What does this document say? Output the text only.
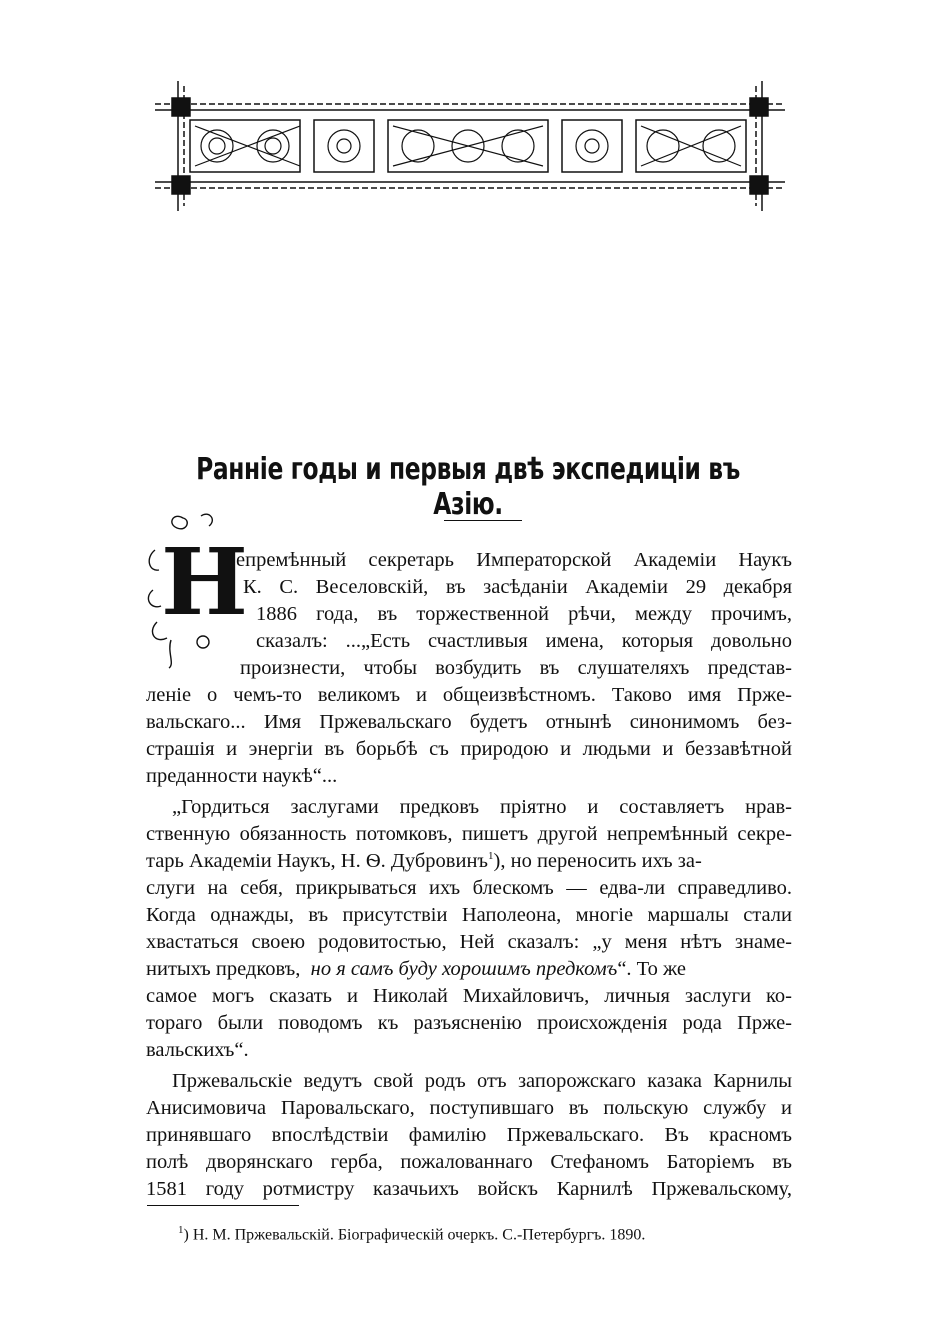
Ранніе годы и первыя двѣ экспедиціи въ Азію.
Н
епремѣнный секретарь Императорской Академіи Наукъ
К. С. Веселовскій, въ засѣданіи Академіи 29 декабря
1886 года, въ торжественной рѣчи, между прочимъ,
сказалъ: ...„Есть счастливыя имена, которыя довольно
произнести, чтобы возбудить въ слушателяхъ представ-
леніе о чемъ-то великомъ и общеизвѣстномъ. Таково имя Прже-
вальскаго... Имя Пржевальскаго будетъ отнынѣ синонимомъ без-
страшія и энергіи въ борьбѣ съ природою и людьми и беззавѣтной
преданности наукѣ“...
„Гордиться заслугами предковъ пріятно и составляетъ нрав-
ственную обязанность потомковъ, пишетъ другой непремѣнный секре-
тарь Академіи Наукъ, Н. Ѳ. Дубровинъ$^1$), но переносить ихъ за-
слуги на себя, прикрываться ихъ блескомъ — едва-ли справедливо.
Когда однажды, въ присутствіи Наполеона, многіе маршалы стали
хвастаться своею родовитостью, Ней сказалъ: „у меня нѣтъ знаме-
нитыхъ предковъ, но я самъ буду хорошимъ предкомъ“. То же
самое могъ сказать и Николай Михайловичъ, личныя заслуги ко-
тораго были поводомъ къ разъясненію происхожденія рода Прже-
вальскихъ“.
Пржевальскіе ведутъ свой родъ отъ запорожскаго казака Карнилы
Анисимовича Паровальскаго, поступившаго въ польскую службу и
принявшаго впослѣдствіи фамилію Пржевальскаго. Въ красномъ
полѣ дворянскаго герба, пожалованнаго Стефаномъ Баторіемъ въ
1581 году ротмистру казачьихъ войскъ Карнилѣ Пржевальскому,
$^1$) Н. М. Пржевальскій. Біографическій очеркъ. С.-Петербургъ. 1890.
